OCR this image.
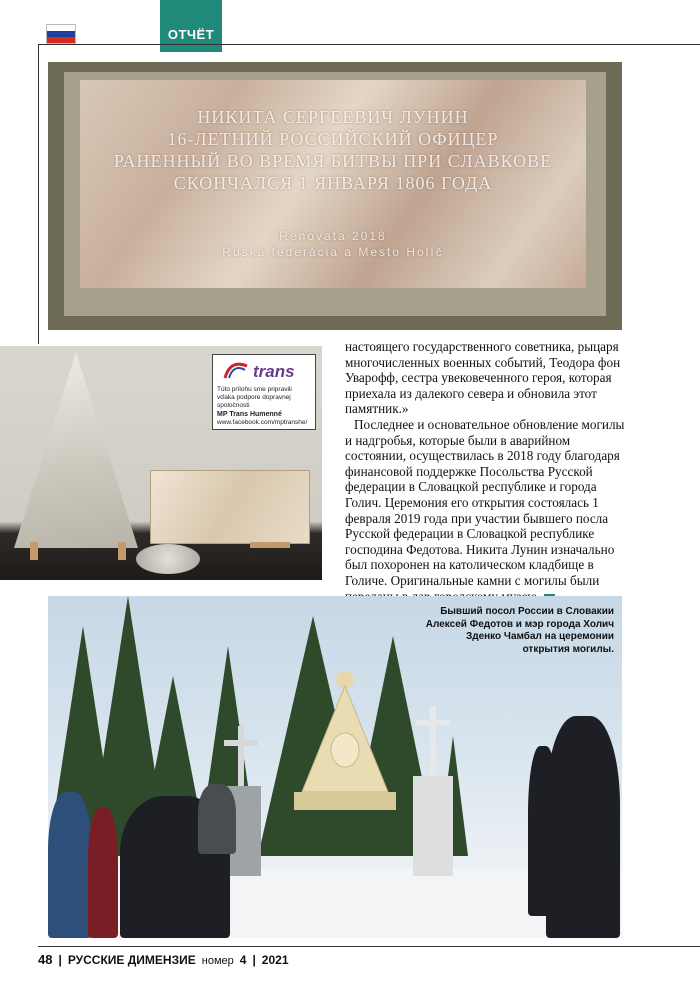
ОТЧЁТ
НИКИТА СЕРГЕЕВИЧ ЛУНИН
16-ЛЕТНИЙ РОССИЙСКИЙ ОФИЦЕР
РАНЕННЫЙ ВО ВРЕМЯ БИТВЫ ПРИ СЛАВКОВЕ
СКОНЧАЛСЯ 1 ЯНВАРЯ 1806 ГОДА
Renovata 2018
Ruská federácia a Mesto Holíč
trans
Túto prílohu sme pripravili vďaka podpore dopravnej spoločnosti
MP Trans Humenné
www.facebook.com/mptranshe/

настоящего государственного советника, рыцаря многочисленных военных событий, Теодора фон Уварофф, сестра увековеченного героя, которая приехала из далекого севера и обновила этот памятник.»

Последнее и основательное обновление могилы и надгробья, которые были в аварийном состоянии, осуществилась в 2018 году благодаря финансовой поддержке Посольства Русской федерации в Словацкой республике и города Голич. Церемония его открытия состоялась 1 февраля 2019 года при участии бывшего посла Русской федерации в Словацкой республике господина Федотова. Никита Лунин изначально был похоронен на католическом кладбище в Голиче. Оригинальные камни с могилы были

Бывший посол России в Словакии Алексей Федотов и мэр города Холич Зденко Чамбал на церемонии открытия могилы.
48 | РУССКИЕ ДИМЕНЗИЕ номер 4 | 2021
